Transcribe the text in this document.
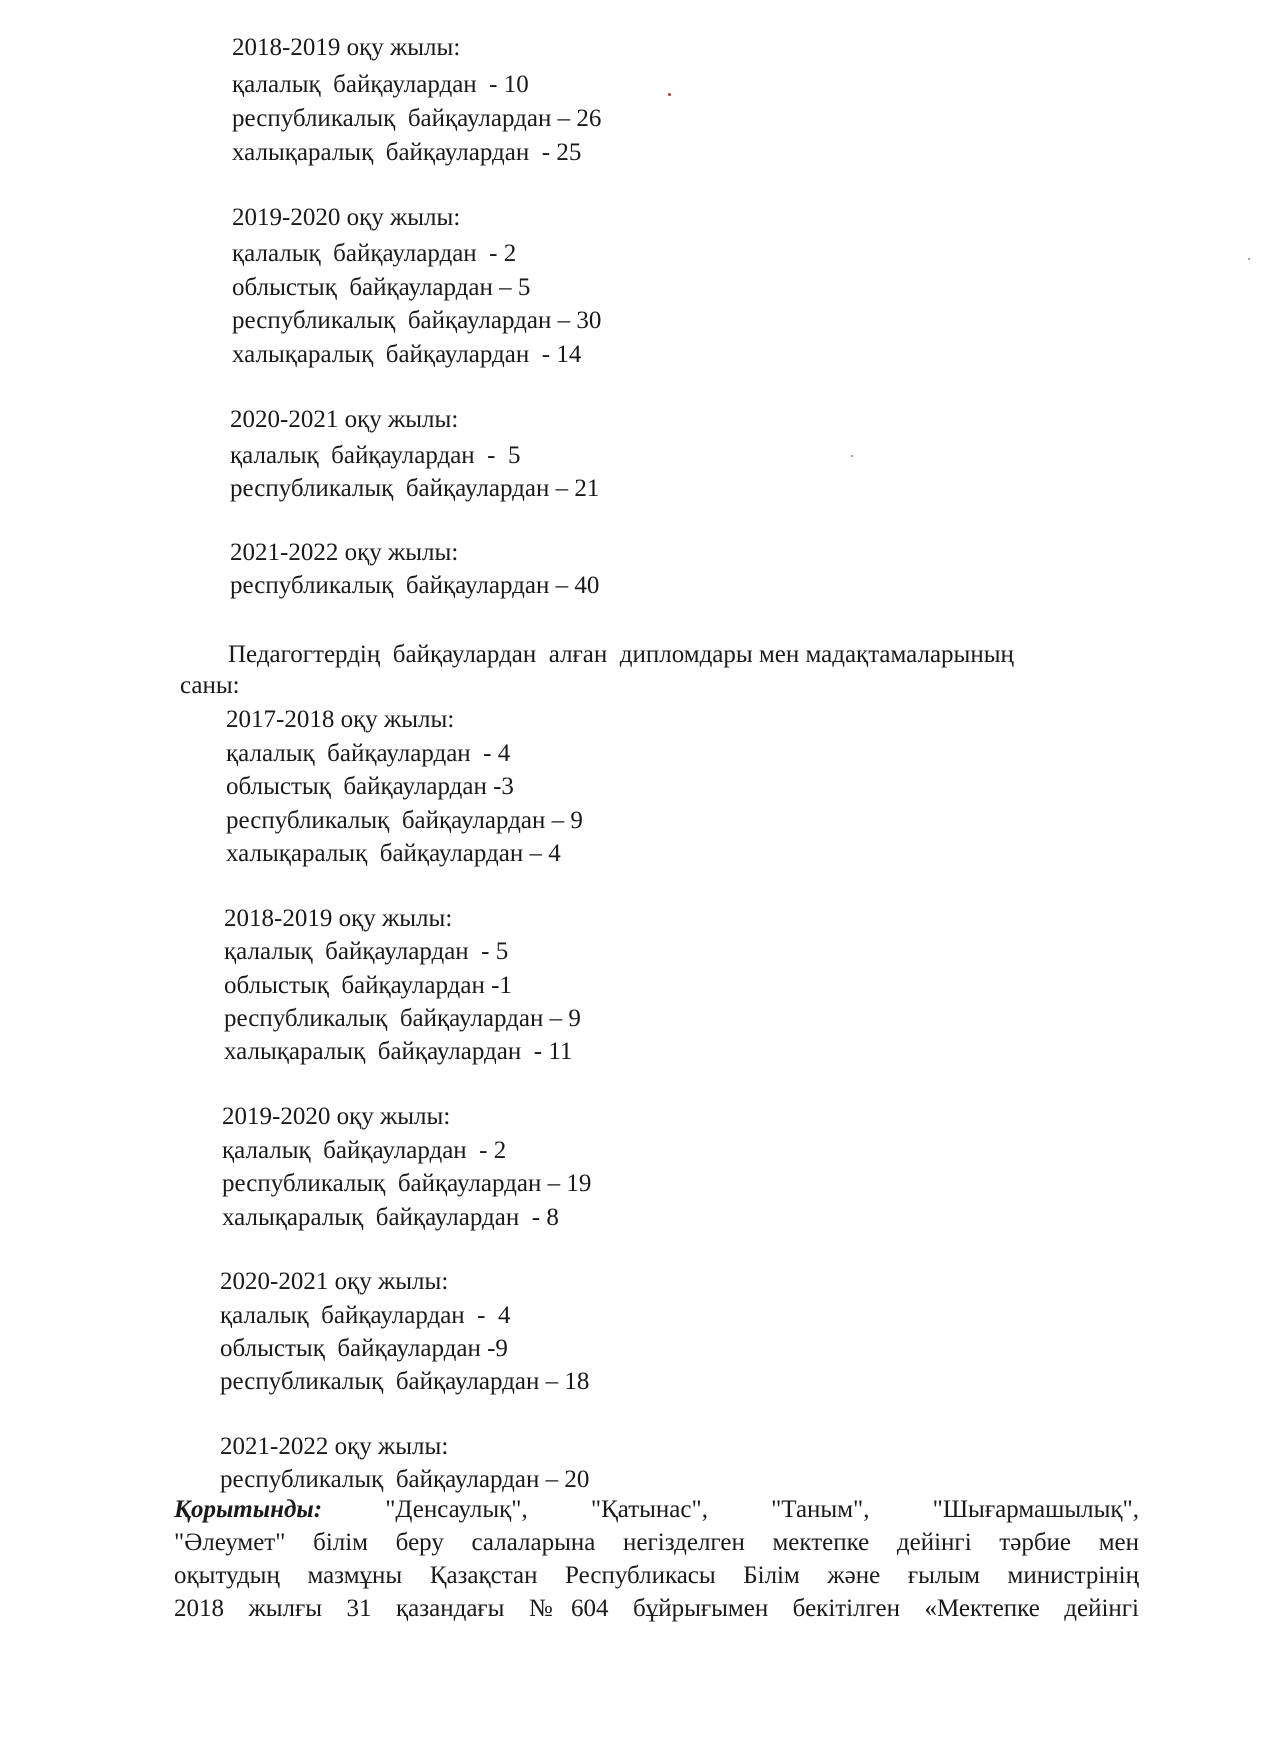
2018-2019 оқу жылы:
қалалық  байқаулардан  - 10
республикалық  байқаулардан – 26
халықаралық  байқаулардан  - 25
2019-2020 оқу жылы:
қалалық  байқаулардан  - 2
облыстық  байқаулардан – 5
республикалық  байқаулардан – 30
халықаралық  байқаулардан  - 14
2020-2021 оқу жылы:
қалалық  байқаулардан  -  5
республикалық  байқаулардан – 21
2021-2022 оқу жылы:
республикалық  байқаулардан – 40
Педагогтердің  байқаулардан  алған  дипломдары мен мадақтамаларының
саны:
2017-2018 оқу жылы:
қалалық  байқаулардан  - 4
облыстық  байқаулардан -3
республикалық  байқаулардан – 9
халықаралық  байқаулардан – 4
2018-2019 оқу жылы:
қалалық  байқаулардан  - 5
облыстық  байқаулардан -1
республикалық  байқаулардан – 9
халықаралық  байқаулардан  - 11
2019-2020 оқу жылы:
қалалық  байқаулардан  - 2
республикалық  байқаулардан – 19
халықаралық  байқаулардан  - 8
2020-2021 оқу жылы:
қалалық  байқаулардан  -  4
облыстық  байқаулардан -9
республикалық  байқаулардан – 18
2021-2022 оқу жылы:
республикалық  байқаулардан – 20

Қорытынды: "Денсаулық", "Қатынас", "Таным", "Шығармашылық",

"Әлеумет" білім беру салаларына негізделген мектепке дейінгі тәрбие мен

оқытудың мазмұны Қазақстан Республикасы Білім және ғылым министрінің

2018 жылғы 31 қазандағы №604 бұйрығымен бекітілген «Мектепке дейінгі
